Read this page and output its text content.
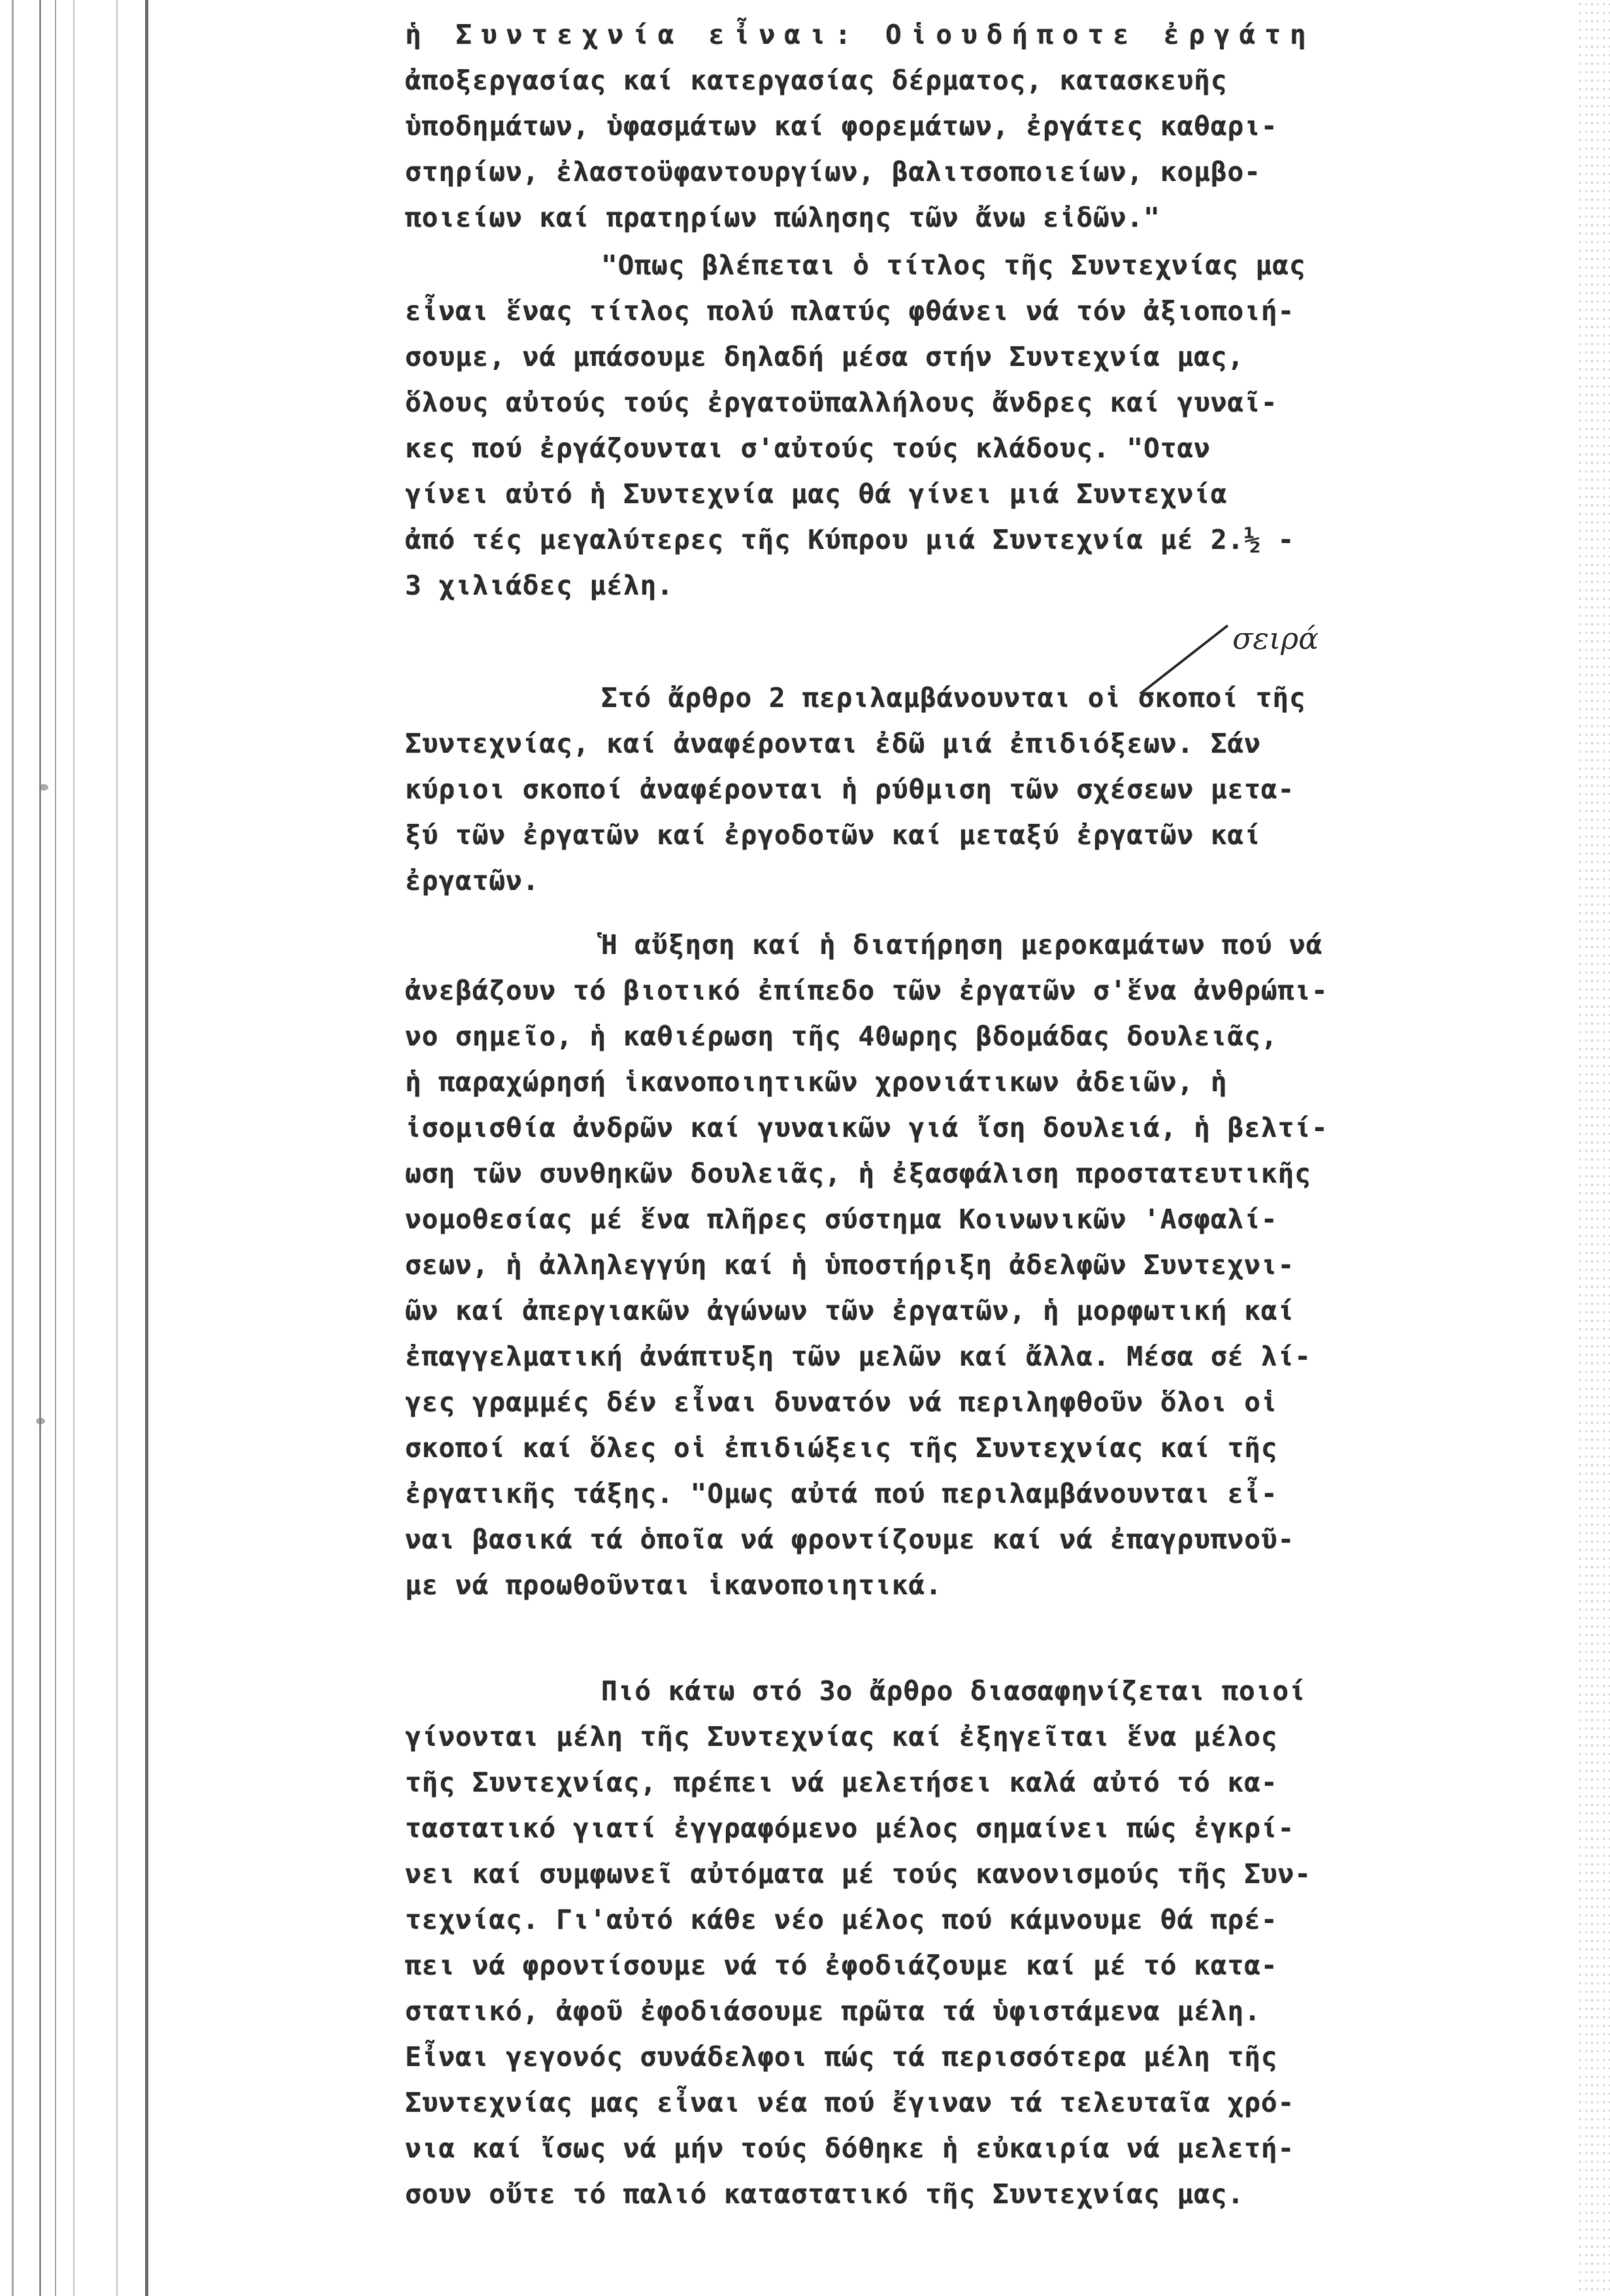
ἡ Συντεχνία εἶναι: Οἱουδήποτε ἐργάτη
ἀποξεργασίας καί κατεργασίας δέρματος, κατασκευῆς
ὑποδημάτων, ὑφασμάτων καί φορεμάτων, ἐργάτες καθαρι-
στηρίων, ἐλαστοϋφαντουργίων, βαλιτσοποιείων, κομβο-
ποιείων καί πρατηρίων πώλησης τῶν ἄνω εἰδῶν."
"Οπως βλέπεται ὁ τίτλος τῆς Συντεχνίας μας
εἶναι ἕνας τίτλος πολύ πλατύς φθάνει νά τόν ἀξιοποιή-
σουμε, νά μπάσουμε δηλαδή μέσα στήν Συντεχνία μας,
ὅλους αὐτούς τούς ἐργατοϋπαλλήλους ἄνδρες καί γυναῖ-
κες πού ἐργάζουνται σ'αὐτούς τούς κλάδους. "Οταν
γίνει αὐτό ἡ Συντεχνία μας θά γίνει μιά Συντεχνία
ἀπό τές μεγαλύτερες τῆς Κύπρου μιά Συντεχνία μέ 2.½ -
3 χιλιάδες μέλη.
σειρά
Στό ἄρθρο 2 περιλαμβάνουνται οἱ σκοποί τῆς
Συντεχνίας, καί ἀναφέρονται ἐδῶ μιά ἐπιδιόξεων. Σάν
κύριοι σκοποί ἀναφέρονται ἡ ρύθμιση τῶν σχέσεων μετα-
ξύ τῶν ἐργατῶν καί ἐργοδοτῶν καί μεταξύ ἐργατῶν καί
ἐργατῶν.
Ἡ αὔξηση καί ἡ διατήρηση μεροκαμάτων πού νά
ἀνεβάζουν τό βιοτικό ἐπίπεδο τῶν ἐργατῶν σ'ἕνα ἀνθρώπι-
νο σημεῖο, ἡ καθιέρωση τῆς 40ωρης βδομάδας δουλειᾶς,
ἡ παραχώρησή ἱκανοποιητικῶν χρονιάτικων ἀδειῶν, ἡ
ἰσομισθία ἀνδρῶν καί γυναικῶν γιά ἴση δουλειά, ἡ βελτί-
ωση τῶν συνθηκῶν δουλειᾶς, ἡ ἐξασφάλιση προστατευτικῆς
νομοθεσίας μέ ἕνα πλῆρες σύστημα Κοινωνικῶν 'Ασφαλί-
σεων, ἡ ἀλληλεγγύη καί ἡ ὑποστήριξη ἀδελφῶν Συντεχνι-
ῶν καί ἀπεργιακῶν ἀγώνων τῶν ἐργατῶν, ἡ μορφωτική καί
ἐπαγγελματική ἀνάπτυξη τῶν μελῶν καί ἄλλα. Μέσα σέ λί-
γες γραμμές δέν εἶναι δυνατόν νά περιληφθοῦν ὅλοι οἱ
σκοποί καί ὅλες οἱ ἐπιδιώξεις τῆς Συντεχνίας καί τῆς
ἐργατικῆς τάξης. "Ομως αὐτά πού περιλαμβάνουνται εἶ-
ναι βασικά τά ὁποῖα νά φροντίζουμε καί νά ἐπαγρυπνοῦ-
με νά προωθοῦνται ἱκανοποιητικά.
Πιό κάτω στό 3ο ἄρθρο διασαφηνίζεται ποιοί
γίνονται μέλη τῆς Συντεχνίας καί ἐξηγεῖται ἕνα μέλος
τῆς Συντεχνίας, πρέπει νά μελετήσει καλά αὐτό τό κα-
ταστατικό γιατί ἐγγραφόμενο μέλος σημαίνει πώς ἐγκρί-
νει καί συμφωνεῖ αὐτόματα μέ τούς κανονισμούς τῆς Συν-
τεχνίας. Γι'αὐτό κάθε νέο μέλος πού κάμνουμε θά πρέ-
πει νά φροντίσουμε νά τό ἐφοδιάζουμε καί μέ τό κατα-
στατικό, ἀφοῦ ἐφοδιάσουμε πρῶτα τά ὑφιστάμενα μέλη.
Εἶναι γεγονός συνάδελφοι πώς τά περισσότερα μέλη τῆς
Συντεχνίας μας εἶναι νέα πού ἔγιναν τά τελευταῖα χρό-
νια καί ἴσως νά μήν τούς δόθηκε ἡ εὐκαιρία νά μελετή-
σουν οὔτε τό παλιό καταστατικό τῆς Συντεχνίας μας.
